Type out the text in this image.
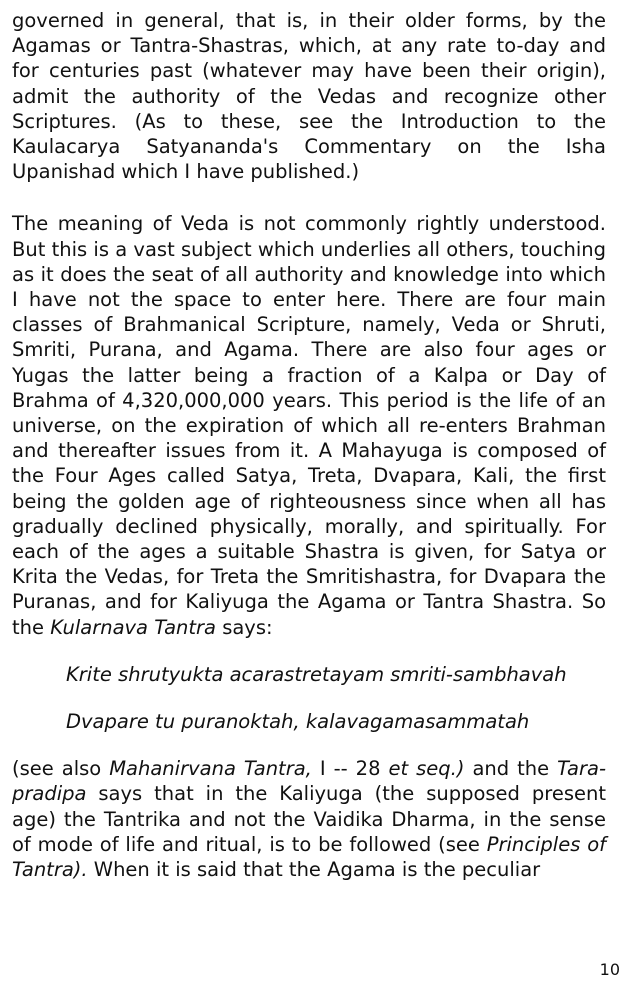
governed in general, that is, in their older forms, by the Agamas or Tantra-Shastras, which, at any rate to-day and for centuries past (whatever may have been their origin), admit the authority of the Vedas and recognize other Scriptures. (As to these, see the Introduction to the Kaulacarya Satyananda's Commentary on the Isha Upanishad which I have published.)

The meaning of Veda is not commonly rightly understood. But this is a vast subject which underlies all others, touching as it does the seat of all authority and knowledge into which I have not the space to enter here. There are four main classes of Brahmanical Scripture, namely, Veda or Shruti, Smriti, Purana, and Agama. There are also four ages or Yugas the latter being a fraction of a Kalpa or Day of Brahma of 4,320,000,000 years. This period is the life of an universe, on the expiration of which all re-enters Brahman and thereafter issues from it. A Mahayuga is composed of the Four Ages called Satya, Treta, Dvapara, Kali, the first being the golden age of righteousness since when all has gradually declined physically, morally, and spiritually. For each of the ages a suitable Shastra is given, for Satya or Krita the Vedas, for Treta the Smritishastra, for Dvapara the Puranas, and for Kaliyuga the Agama or Tantra Shastra. So the Kularnava Tantra says:

Krite shrutyukta acarastretayam smriti-sambhavah

Dvapare tu puranoktah, kalavagamasammatah

(see also Mahanirvana Tantra, I -- 28 et seq.) and the Tara-pradipa says that in the Kaliyuga (the supposed present age) the Tantrika and not the Vaidika Dharma, in the sense of mode of life and ritual, is to be followed (see Principles of Tantra). When it is said that the Agama is the peculiar

10
